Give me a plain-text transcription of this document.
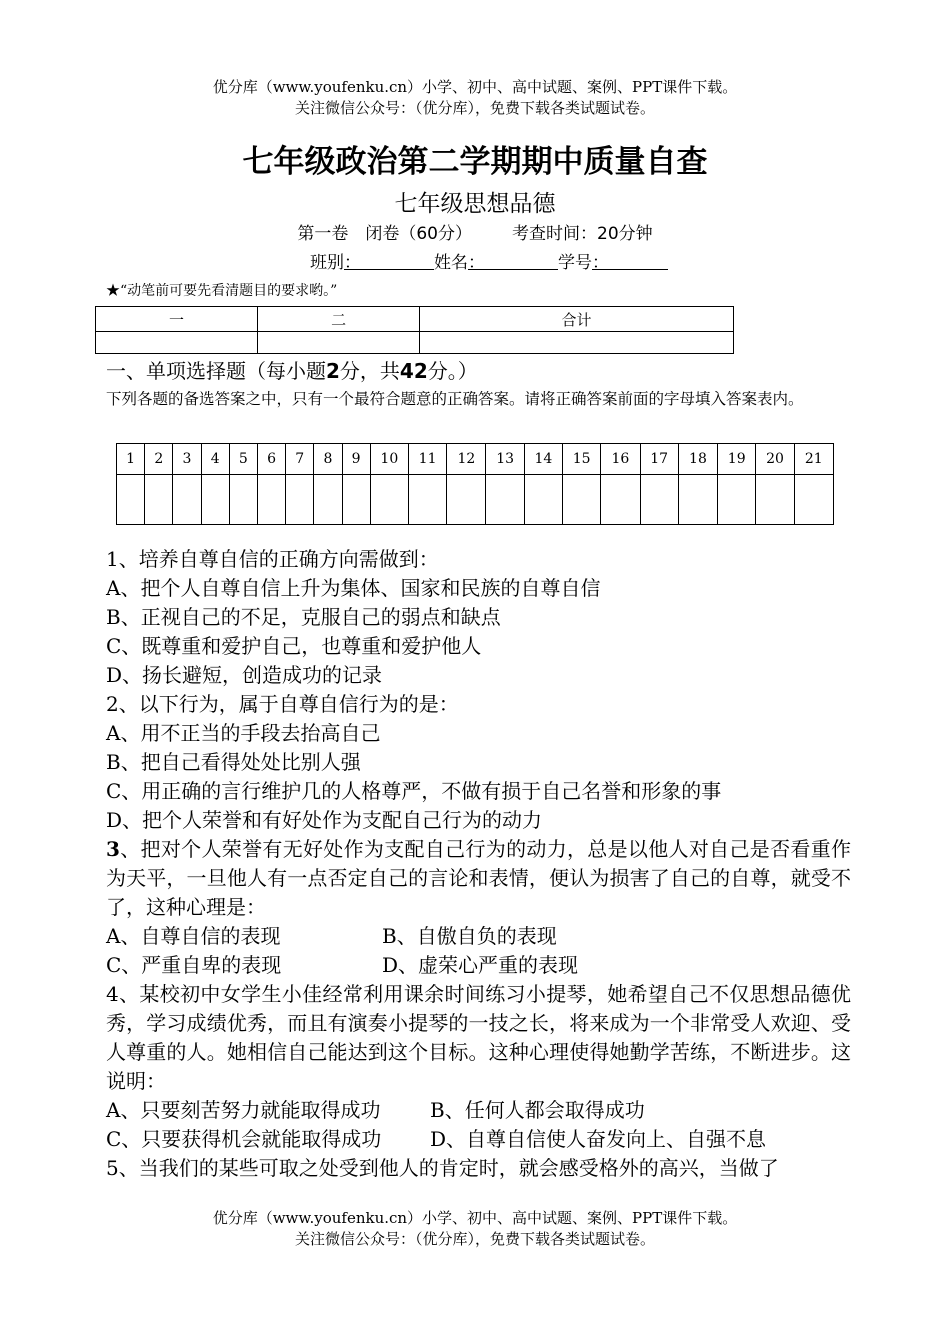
优分库（www.youfenku.cn）小学、初中、高中试题、案例、PPT课件下载。
关注微信公众号：（优分库），免费下载各类试题试卷。
七年级政治第二学期期中质量自查
七年级思想品德
第一卷　闭卷（60分） 考查时间：20分钟
班别：	姓名：	学号：
★“动笔前可要先看清题目的要求哟。”
一	二	合计

一、单项选择题（每小题2分，共42分。）
下列各题的备选答案之中，只有一个最符合题意的正确答案。请将正确答案前面的字母填入答案表内。
1	2	3	4	5	6	7	8	9	10	11	12	13	14	15	16	17	18	19	20	21

1、培养自尊自信的正确方向需做到：

A、把个人自尊自信上升为集体、国家和民族的自尊自信

B、正视自己的不足，克服自己的弱点和缺点

C、既尊重和爱护自己，也尊重和爱护他人

D、扬长避短，创造成功的记录

2、以下行为，属于自尊自信行为的是：

A、用不正当的手段去抬高自己

B、把自己看得处处比别人强

C、用正确的言行维护几的人格尊严，不做有损于自己名誉和形象的事

D、把个人荣誉和有好处作为支配自己行为的动力

3、把对个人荣誉有无好处作为支配自己行为的动力，总是以他人对自己是否看重作为天平，一旦他人有一点否定自己的言论和表情，便认为损害了自己的自尊，就受不了，这种心理是：

A、自尊自信的表现	B、自傲自负的表现
C、严重自卑的表现	D、虚荣心严重的表现

4、某校初中女学生小佳经常利用课余时间练习小提琴，她希望自己不仅思想品德优秀，学习成绩优秀，而且有演奏小提琴的一技之长，将来成为一个非常受人欢迎、受人尊重的人。她相信自己能达到这个目标。这种心理使得她勤学苦练，不断进步。这说明：

A、只要刻苦努力就能取得成功 B、任何人都会取得成功
C、只要获得机会就能取得成功 D、自尊自信使人奋发向上、自强不息

5、当我们的某些可取之处受到他人的肯定时，就会感受格外的高兴，当做了

优分库（www.youfenku.cn）小学、初中、高中试题、案例、PPT课件下载。
关注微信公众号：（优分库），免费下载各类试题试卷。
